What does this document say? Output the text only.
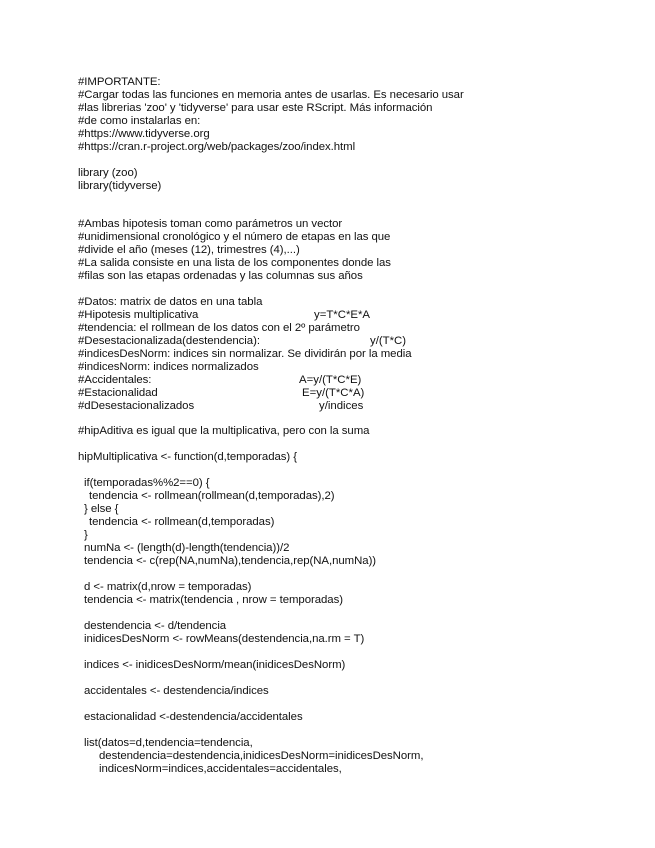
#IMPORTANTE:
#Cargar todas las funciones en memoria antes de usarlas. Es necesario usar
#las librerias 'zoo' y 'tidyverse' para usar este RScript. Más información
#de como instalarlas en:
#https://www.tidyverse.org
#https://cran.r-project.org/web/packages/zoo/index.html
library (zoo)
library(tidyverse)
#Ambas hipotesis toman como parámetros un vector
#unidimensional cronológico y el número de etapas en las que
#divide el año (meses (12), trimestres (4),...)
#La salida consiste en una lista de los componentes donde las
#filas son las etapas ordenadas y las columnas sus años
#Datos: matrix de datos en una tabla
#Hipotesis multiplicativa	y=T*C*E*A
#tendencia: el rollmean de los datos con el 2º parámetro
#Desestacionalizada(destendencia):	y/(T*C)
#indicesDesNorm: indices sin normalizar. Se dividirán por la media
#indicesNorm: indices normalizados
#Accidentales:	A=y/(T*C*E)
#Estacionalidad	E=y/(T*C*A)
#dDesestacionalizados	y/indices
#hipAditiva es igual que la multiplicativa, pero con la suma
hipMultiplicativa <- function(d,temporadas) {
if(temporadas%%2==0) {
tendencia <- rollmean(rollmean(d,temporadas),2)
} else {
tendencia <- rollmean(d,temporadas)
}
numNa <- (length(d)-length(tendencia))/2
tendencia <- c(rep(NA,numNa),tendencia,rep(NA,numNa))
d <- matrix(d,nrow = temporadas)
tendencia <- matrix(tendencia , nrow = temporadas)
destendencia <- d/tendencia
inidicesDesNorm <- rowMeans(destendencia,na.rm = T)
indices <- inidicesDesNorm/mean(inidicesDesNorm)
accidentales <- destendencia/indices
estacionalidad <-destendencia/accidentales
list(datos=d,tendencia=tendencia,
destendencia=destendencia,inidicesDesNorm=inidicesDesNorm,
indicesNorm=indices,accidentales=accidentales,
